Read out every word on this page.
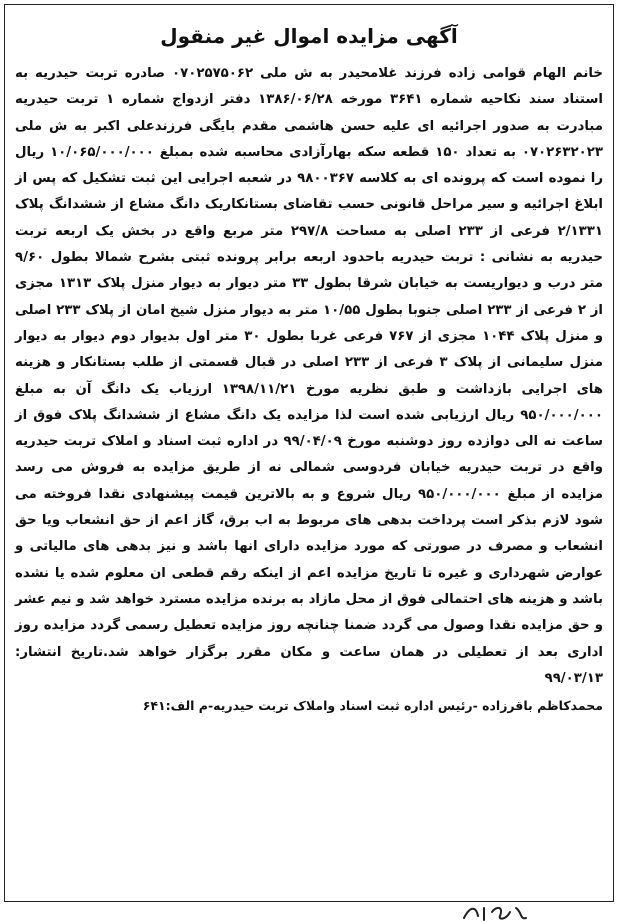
آگهی مزایده اموال غیر منقول

خانم الهام قوامی زاده فرزند غلامحیدر به ش ملی ۰۷۰۲۵۷۵۰۶۲ صادره تربت حیدریه به استناد سند نکاحیه شماره ۳۶۴۱ مورخه ۱۳۸۶/۰۶/۲۸ دفتر ازدواج شماره ۱ تربت حیدریه مبادرت به صدور اجرائیه ای علیه حسن هاشمی مقدم بایگی فرزندعلی اکبر به ش ملی ۰۷۰۲۶۳۲۰۲۳ به تعداد ۱۵۰ قطعه سکه بهارآزادی محاسبه شده بمبلغ ۱۰/۰۶۵/۰۰۰/۰۰۰ ریال را نموده است که پرونده ای به کلاسه ۹۸۰۰۳۶۷ در شعبه اجرایی این ثبت تشکیل که پس از ابلاغ اجرائیه و سیر مراحل قانونی حسب تقاضای بستانکاریک دانگ مشاع از ششدانگ پلاک ۲/۱۳۳۱ فرعی از ۲۳۳ اصلی به مساحت ۲۹۷/۸ متر مربع واقع در بخش یک اربعه تربت حیدریه به نشانی : تربت حیدریه باحدود اربعه برابر پرونده ثبتی بشرح شمالا بطول ۹/۶۰ متر درب و دیواریست به خیابان شرقا بطول ۳۳ متر دیوار به دیوار منزل پلاک ۱۳۱۳ مجزی از ۲ فرعی از ۲۳۳ اصلی جنوبا بطول ۱۰/۵۵ متر به دیوار منزل شیخ امان از پلاک ۲۳۳ اصلی و منزل پلاک ۱۰۴۴ مجزی از ۷۶۷ فرعی غربا بطول ۳۰ متر اول بدیوار دوم دیوار به دیوار منزل سلیمانی از پلاک ۳ فرعی از ۲۳۳ اصلی در قبال قسمتی از طلب بستانکار و هزینه های اجرایی بازداشت و طبق نظریه مورخ ۱۳۹۸/۱۱/۲۱ ارزیاب یک دانگ آن به مبلغ ۹۵۰/۰۰۰/۰۰۰ ریال ارزیابی شده است لذا مزایده یک دانگ مشاع از ششدانگ پلاک فوق از ساعت نه الی دوازده روز دوشنبه مورخ ۹۹/۰۴/۰۹ در اداره ثبت اسناد و املاک تربت حیدریه واقع در تربت حیدریه خیابان فردوسی شمالی نه از طریق مزایده به فروش می رسد مزایده از مبلغ ۹۵۰/۰۰۰/۰۰۰ ریال شروع و به بالاترین قیمت پیشنهادی نقدا فروخته می شود لازم بذکر است پرداخت بدهی های مربوط به اب برق، گاز اعم از حق انشعاب ویا حق انشعاب و مصرف در صورتی که مورد مزایده دارای انها باشد و نیز بدهی های مالیاتی و عوارض شهرداری و غیره تا تاریخ مزایده اعم از اینکه رقم قطعی ان معلوم شده یا نشده باشد و هزینه های احتمالی فوق از محل مازاد به برنده مزایده مسترد خواهد شد و نیم عشر و حق مزایده نقدا وصول می گردد ضمنا چنانچه روز مزایده تعطیل رسمی گردد مزایده روز اداری بعد از تعطیلی در همان ساعت و مکان مقرر برگزار خواهد شد.تاریخ انتشار: ۹۹/۰۳/۱۳

محمدکاظم باقرزاده -رئیس اداره ثبت اسناد واملاک تربت حیدریه-م الف:۶۴۱
